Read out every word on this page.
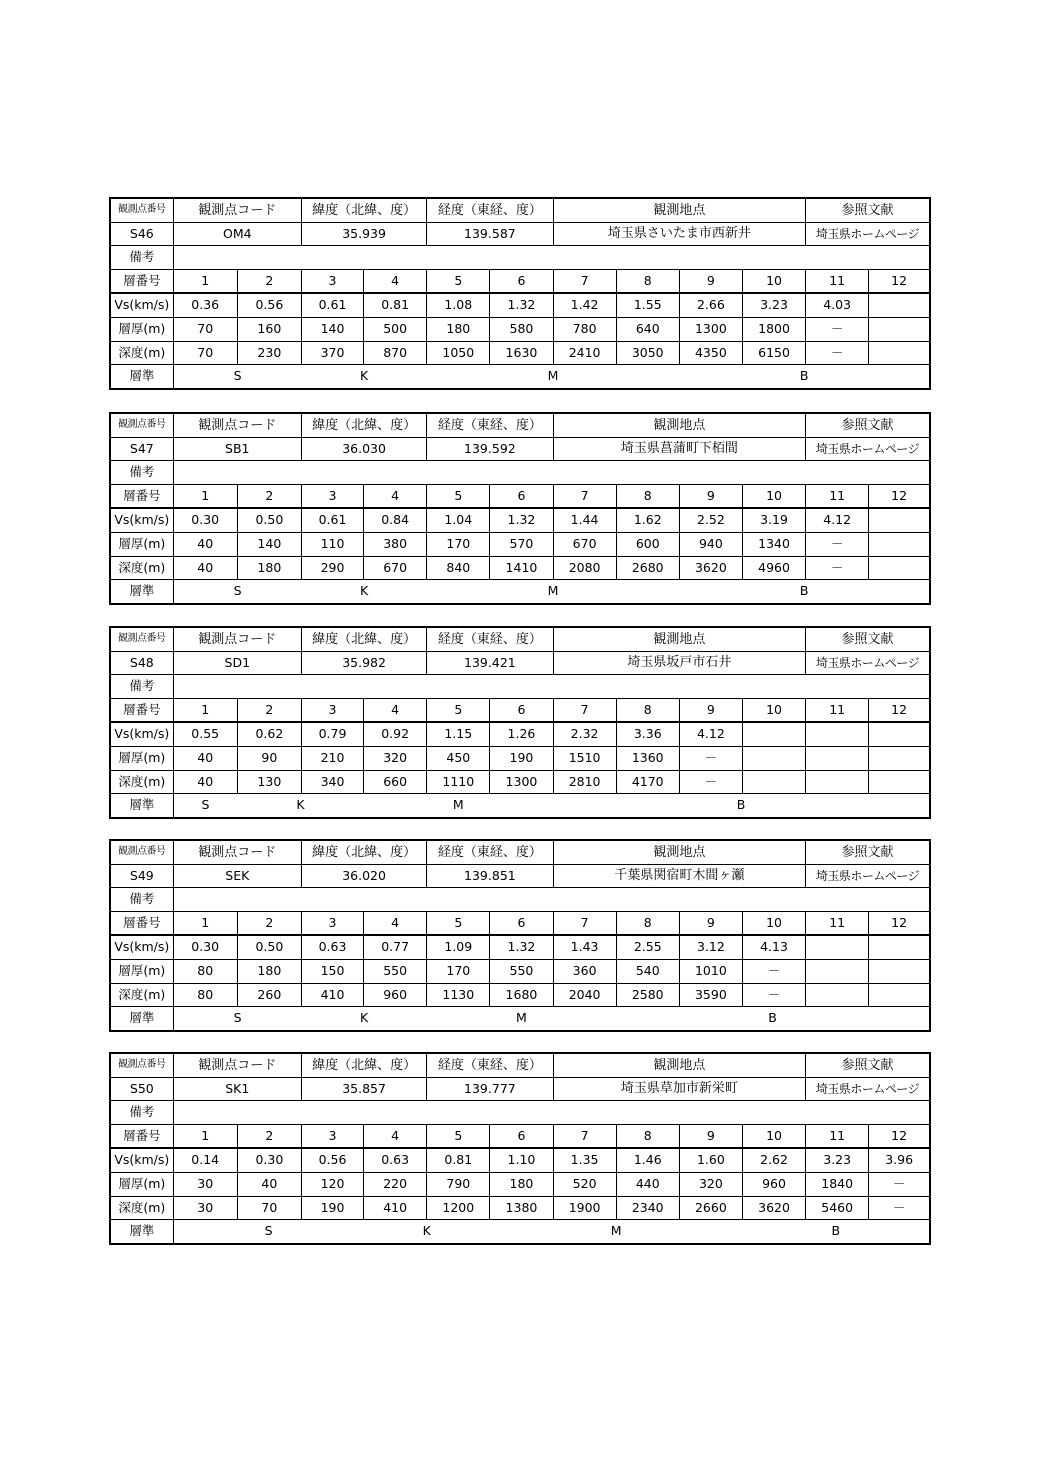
観測点番号	観測点コード		緯度（北緯、度）		経度（東経、度）		観測地点				参照文献	
S46	OM4		35.939		139.587		埼玉県さいたま市西新井				埼玉県ホームページ	
備考												
層番号	1	2	3	4	5	6	7	8	9	10	11	12
Vs(km/s)	0.36	0.56	0.61	0.81	1.08	1.32	1.42	1.55	2.66	3.23	4.03	
層厚(m)	70	160	140	500	180	580	780	640	1300	1800	－	
深度(m)	70	230	370	870	1050	1630	2410	3050	4350	6150	－	
層準	S		K		M				B			
観測点番号	観測点コード		緯度（北緯、度）		経度（東経、度）		観測地点				参照文献	
S47	SB1		36.030		139.592		埼玉県菖蒲町下栢間				埼玉県ホームページ	
備考												
層番号	1	2	3	4	5	6	7	8	9	10	11	12
Vs(km/s)	0.30	0.50	0.61	0.84	1.04	1.32	1.44	1.62	2.52	3.19	4.12	
層厚(m)	40	140	110	380	170	570	670	600	940	1340	－	
深度(m)	40	180	290	670	840	1410	2080	2680	3620	4960	－	
層準	S		K		M				B			
観測点番号	観測点コード		緯度（北緯、度）		経度（東経、度）		観測地点				参照文献	
S48	SD1		35.982		139.421		埼玉県坂戸市石井				埼玉県ホームページ	
備考												
層番号	1	2	3	4	5	6	7	8	9	10	11	12
Vs(km/s)	0.55	0.62	0.79	0.92	1.15	1.26	2.32	3.36	4.12			
層厚(m)	40	90	210	320	450	190	1510	1360	－			
深度(m)	40	130	340	660	1110	1300	2810	4170	－			
層準	S	K		M			B					
観測点番号	観測点コード		緯度（北緯、度）		経度（東経、度）		観測地点				参照文献	
S49	SEK		36.020		139.851		千葉県関宿町木間ヶ瀬				埼玉県ホームページ	
備考												
層番号	1	2	3	4	5	6	7	8	9	10	11	12
Vs(km/s)	0.30	0.50	0.63	0.77	1.09	1.32	1.43	2.55	3.12	4.13		
層厚(m)	80	180	150	550	170	550	360	540	1010	－		
深度(m)	80	260	410	960	1130	1680	2040	2580	3590	－		
層準	S		K		M			B				
観測点番号	観測点コード		緯度（北緯、度）		経度（東経、度）		観測地点				参照文献	
S50	SK1		35.857		139.777		埼玉県草加市新栄町				埼玉県ホームページ	
備考												
層番号	1	2	3	4	5	6	7	8	9	10	11	12
Vs(km/s)	0.14	0.30	0.56	0.63	0.81	1.10	1.35	1.46	1.60	2.62	3.23	3.96
層厚(m)	30	40	120	220	790	180	520	440	320	960	1840	－
深度(m)	30	70	190	410	1200	1380	1900	2340	2660	3620	5460	－
層準	S			K		M				B		
